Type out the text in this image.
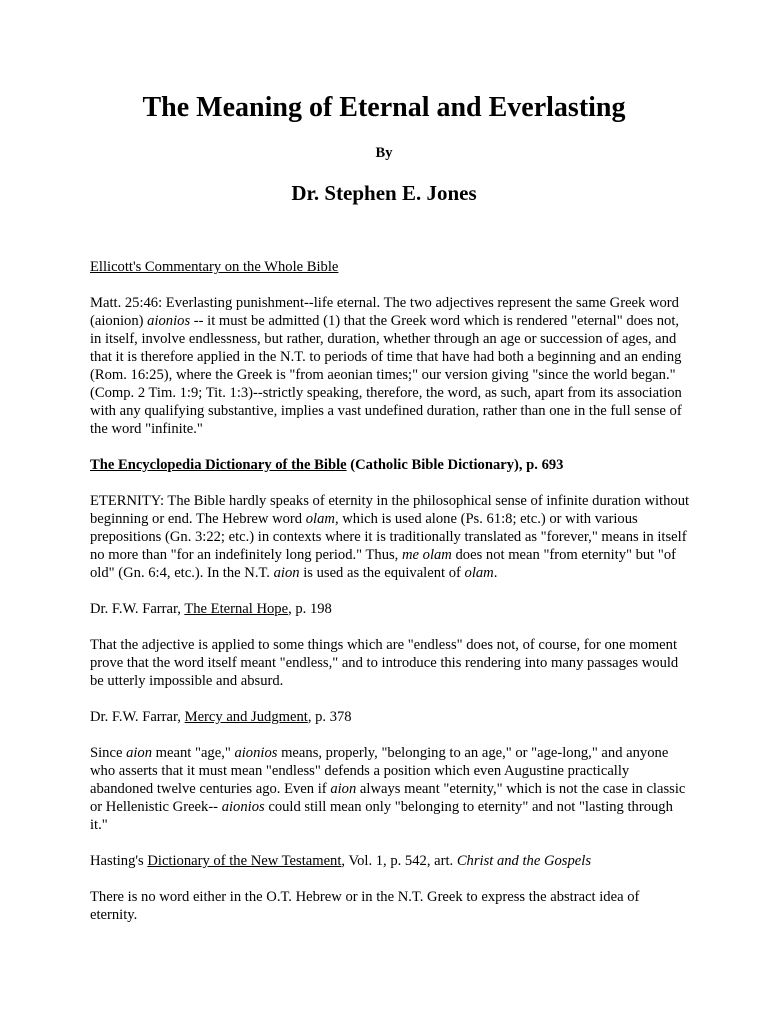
The Meaning of Eternal and Everlasting
By
Dr. Stephen E. Jones

Ellicott's Commentary on the Whole Bible

Matt. 25:46: Everlasting punishment--life eternal. The two adjectives represent the same Greek word (aionion) aionios -- it must be admitted (1) that the Greek word which is rendered "eternal" does not, in itself, involve endlessness, but rather, duration, whether through an age or succession of ages, and that it is therefore applied in the N.T. to periods of time that have had both a beginning and an ending (Rom. 16:25), where the Greek is "from aeonian times;" our version giving "since the world began." (Comp. 2 Tim. 1:9; Tit. 1:3)--strictly speaking, therefore, the word, as such, apart from its association with any qualifying substantive, implies a vast undefined duration, rather than one in the full sense of the word "infinite."

The Encyclopedia Dictionary of the Bible (Catholic Bible Dictionary), p. 693

ETERNITY: The Bible hardly speaks of eternity in the philosophical sense of infinite duration without beginning or end. The Hebrew word olam, which is used alone (Ps. 61:8; etc.) or with various prepositions (Gn. 3:22; etc.) in contexts where it is traditionally translated as "forever," means in itself no more than "for an indefinitely long period." Thus, me olam does not mean "from eternity" but "of old" (Gn. 6:4, etc.). In the N.T. aion is used as the equivalent of olam.

Dr. F.W. Farrar, The Eternal Hope, p. 198

That the adjective is applied to some things which are "endless" does not, of course, for one moment prove that the word itself meant "endless," and to introduce this rendering into many passages would be utterly impossible and absurd.

Dr. F.W. Farrar, Mercy and Judgment, p. 378

Since aion meant "age," aionios means, properly, "belonging to an age," or "age-long," and anyone who asserts that it must mean "endless" defends a position which even Augustine practically abandoned twelve centuries ago. Even if aion always meant "eternity," which is not the case in classic or Hellenistic Greek-- aionios could still mean only "belonging to eternity" and not "lasting through it."

Hasting's Dictionary of the New Testament, Vol. 1, p. 542, art. Christ and the Gospels

There is no word either in the O.T. Hebrew or in the N.T. Greek to express the abstract idea of eternity.
